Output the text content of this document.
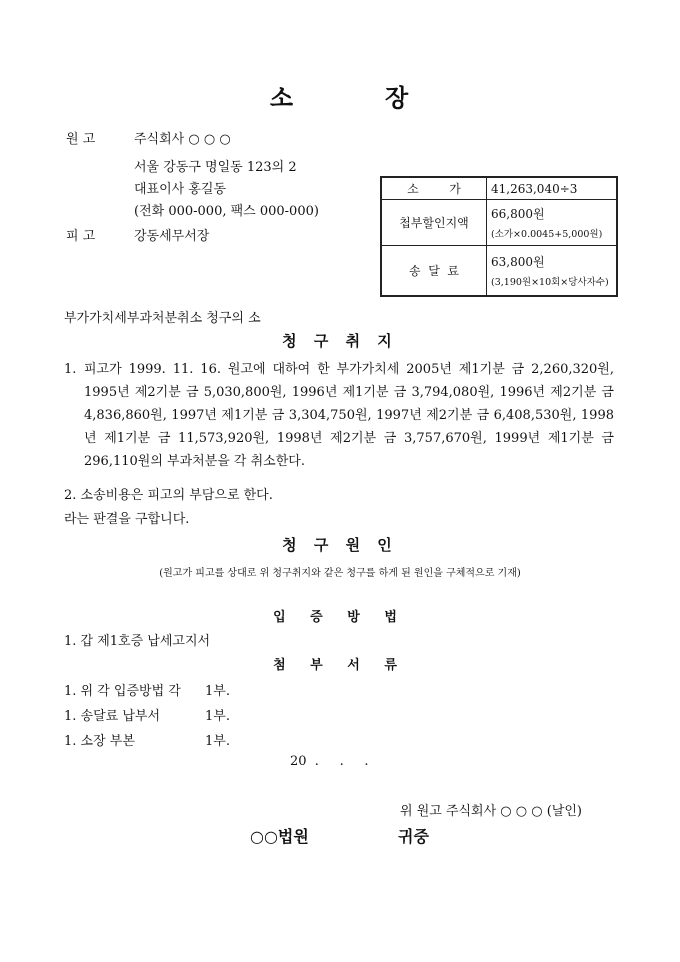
소	장
원 고	주식회사 ○ ○ ○
서울 강동구 명일동 123의 2
대표이사 홍길동
(전화 000-000, 팩스 000-000)
피 고	강동세무서장
소        가	41,263,040÷3
첩부할인지액	66,800원
(소가×0.0045+5,000원)

송  달  료	63,800원
(3,190원×10회×당사자수)
부가가치세부과처분취소 청구의 소
청 구 취 지
1. 피고가 1999. 11. 16. 원고에 대하여 한 부가가치세 2005년 제1기분 금 2,260,320원, 1995년 제2기분 금 5,030,800원, 1996년 제1기분 금 3,794,080원, 1996년 제2기분 금 4,836,860원, 1997년 제1기분 금 3,304,750원, 1997년 제2기분 금 6,408,530원, 1998년 제1기분 금 11,573,920원, 1998년 제2기분 금 3,757,670원, 1999년 제1기분 금 296,110원의 부과처분을 각 취소한다.
2. 소송비용은 피고의 부담으로 한다.
라는 판결을 구합니다.
청 구 원 인
(원고가 피고를 상대로 위 청구취지와 같은 청구를 하게 된 원인을 구체적으로 기재)
입 증 방 법
1. 갑 제1호증 납세고지서
첨 부 서 류
1. 위 각 입증방법 각 1부.
1. 송달료 납부서	1부.
1. 소장 부본	1부.
20  .     .     .
위 원고 주식회사 ○ ○ ○ (날인)
○○법원	귀중
